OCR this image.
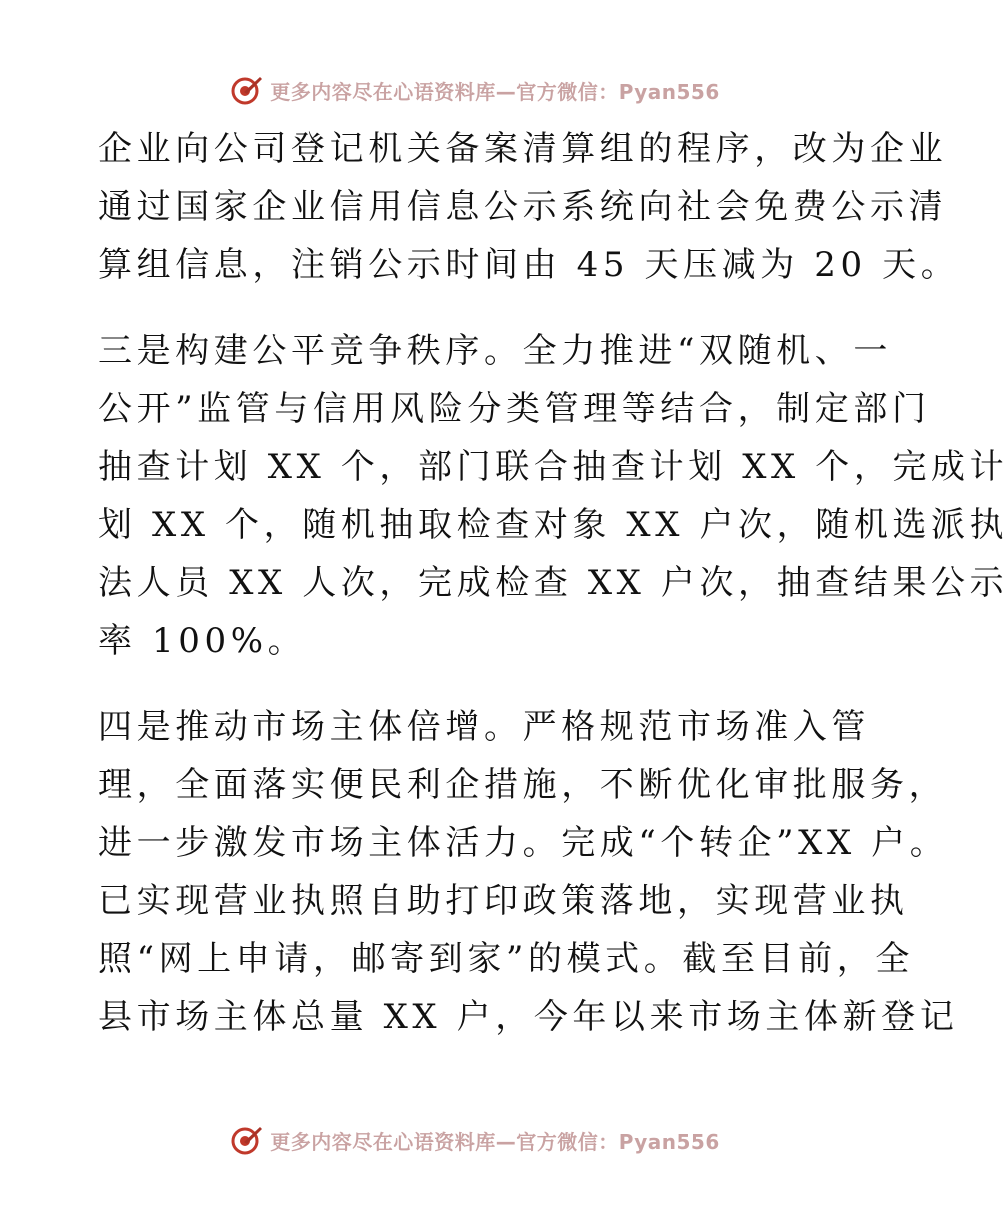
更多内容尽在心语资料库—官方微信：Pyan556
企业向公司登记机关备案清算组的程序，改为企业
通过国家企业信用信息公示系统向社会免费公示清
算组信息，注销公示时间由 45 天压减为 20 天。
三是构建公平竞争秩序。全力推进“双随机、一
公开”监管与信用风险分类管理等结合，制定部门
抽查计划 XX 个，部门联合抽查计划 XX 个，完成计
划 XX 个，随机抽取检查对象 XX 户次，随机选派执
法人员 XX 人次，完成检查 XX 户次，抽查结果公示
率 100%。
四是推动市场主体倍增。严格规范市场准入管
理，全面落实便民利企措施，不断优化审批服务，
进一步激发市场主体活力。完成“个转企”XX 户。
已实现营业执照自助打印政策落地，实现营业执
照“网上申请，邮寄到家”的模式。截至目前，全
县市场主体总量 XX 户，今年以来市场主体新登记
更多内容尽在心语资料库—官方微信：Pyan556
